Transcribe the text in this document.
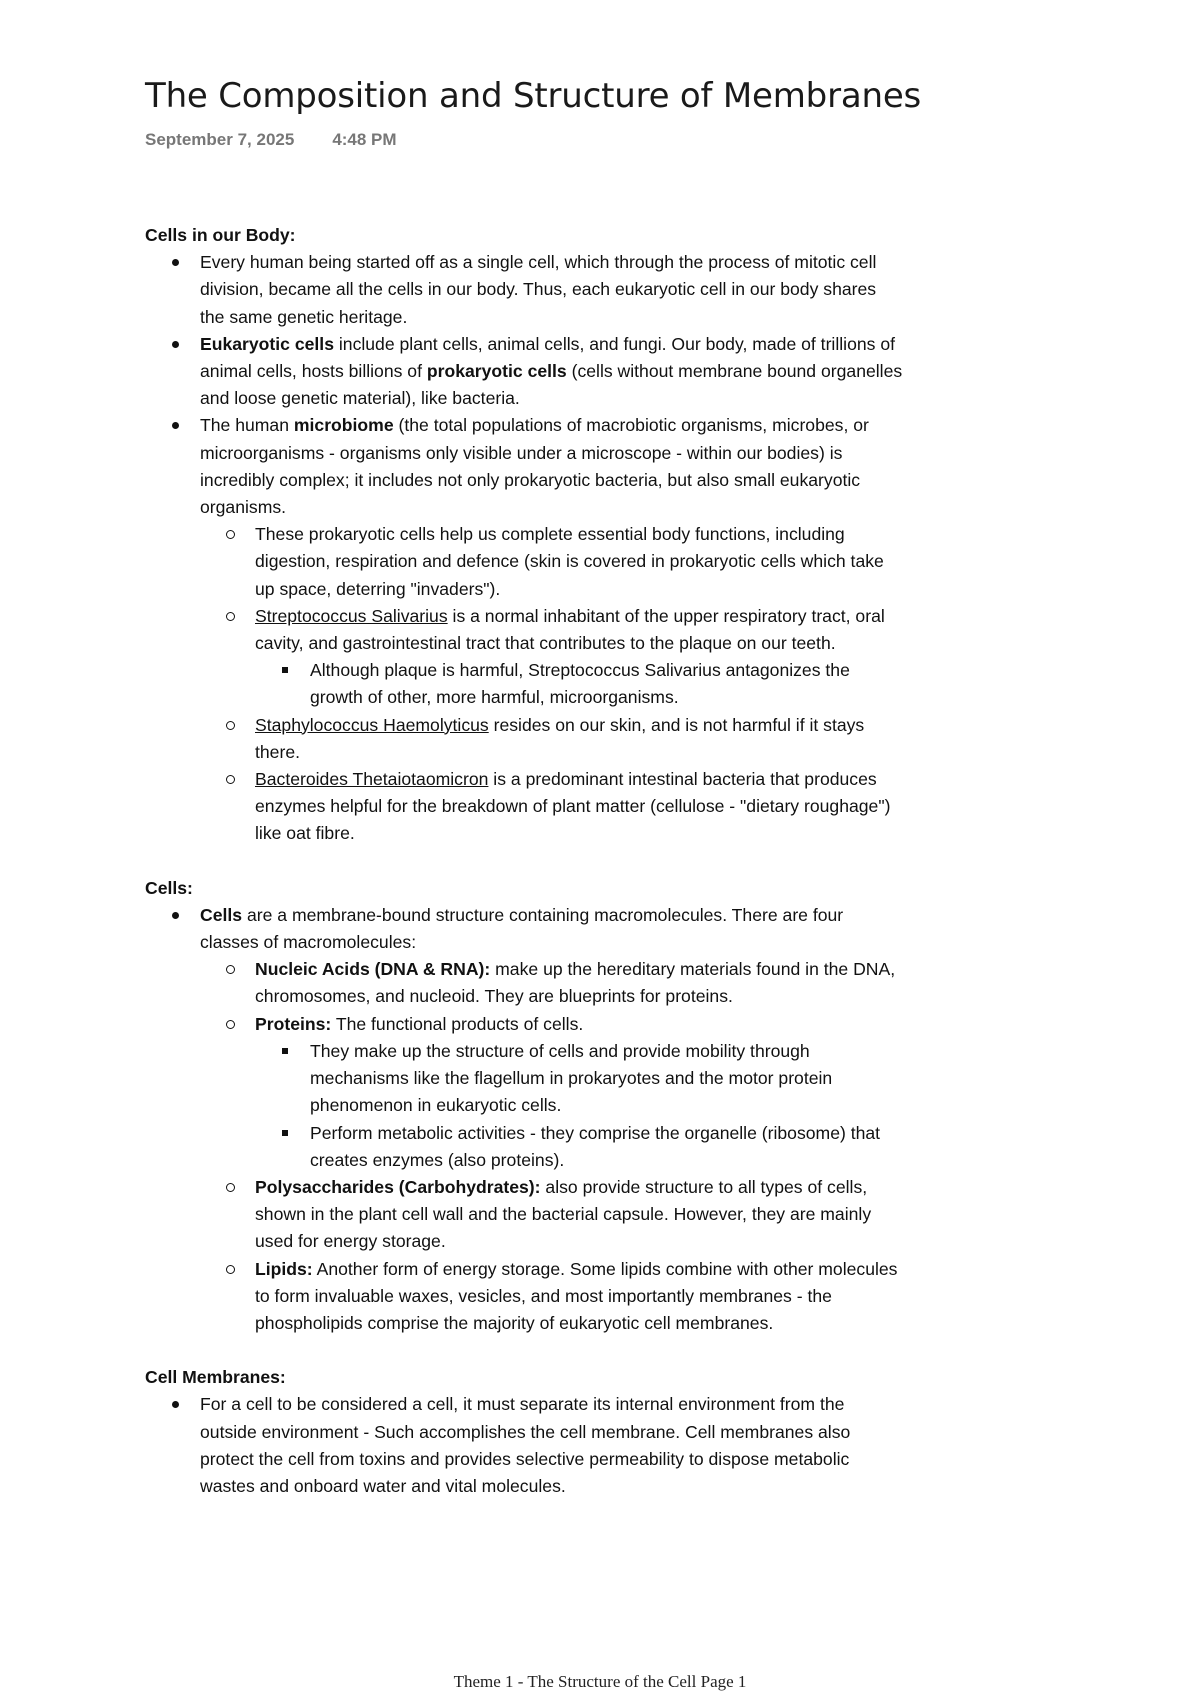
The Composition and Structure of Membranes
September 7, 2025 4:48 PM

Cells in our Body:

Every human being started off as a single cell, which through the process of mitotic cell division, became all the cells in our body. Thus, each eukaryotic cell in our body shares the same genetic heritage.
Eukaryotic cells include plant cells, animal cells, and fungi. Our body, made of trillions of animal cells, hosts billions of prokaryotic cells (cells without membrane bound organelles and loose genetic material), like bacteria.
The human microbiome (the total populations of macrobiotic organisms, microbes, or microorganisms - organisms only visible under a microscope - within our bodies) is incredibly complex; it includes not only prokaryotic bacteria, but also small eukaryotic organisms.
These prokaryotic cells help us complete essential body functions, including digestion, respiration and defence (skin is covered in prokaryotic cells which take up space, deterring "invaders").
Streptococcus Salivarius is a normal inhabitant of the upper respiratory tract, oral cavity, and gastrointestinal tract that contributes to the plaque on our teeth.
Although plaque is harmful, Streptococcus Salivarius antagonizes the growth of other, more harmful, microorganisms.
Staphylococcus Haemolyticus resides on our skin, and is not harmful if it stays there.
Bacteroides Thetaiotaomicron is a predominant intestinal bacteria that produces enzymes helpful for the breakdown of plant matter (cellulose - "dietary roughage") like oat fibre.

Cells:

Cells are a membrane-bound structure containing macromolecules. There are four classes of macromolecules:
Nucleic Acids (DNA & RNA): make up the hereditary materials found in the DNA, chromosomes, and nucleoid. They are blueprints for proteins.
Proteins: The functional products of cells.
They make up the structure of cells and provide mobility through mechanisms like the flagellum in prokaryotes and the motor protein phenomenon in eukaryotic cells.
Perform metabolic activities - they comprise the organelle (ribosome) that creates enzymes (also proteins).
Polysaccharides (Carbohydrates): also provide structure to all types of cells, shown in the plant cell wall and the bacterial capsule. However, they are mainly used for energy storage.
Lipids: Another form of energy storage. Some lipids combine with other molecules to form invaluable waxes, vesicles, and most importantly membranes - the phospholipids comprise the majority of eukaryotic cell membranes.

Cell Membranes:

For a cell to be considered a cell, it must separate its internal environment from the outside environment - Such accomplishes the cell membrane. Cell membranes also protect the cell from toxins and provides selective permeability to dispose metabolic wastes and onboard water and vital molecules.
Theme 1 - The Structure of the Cell Page 1
